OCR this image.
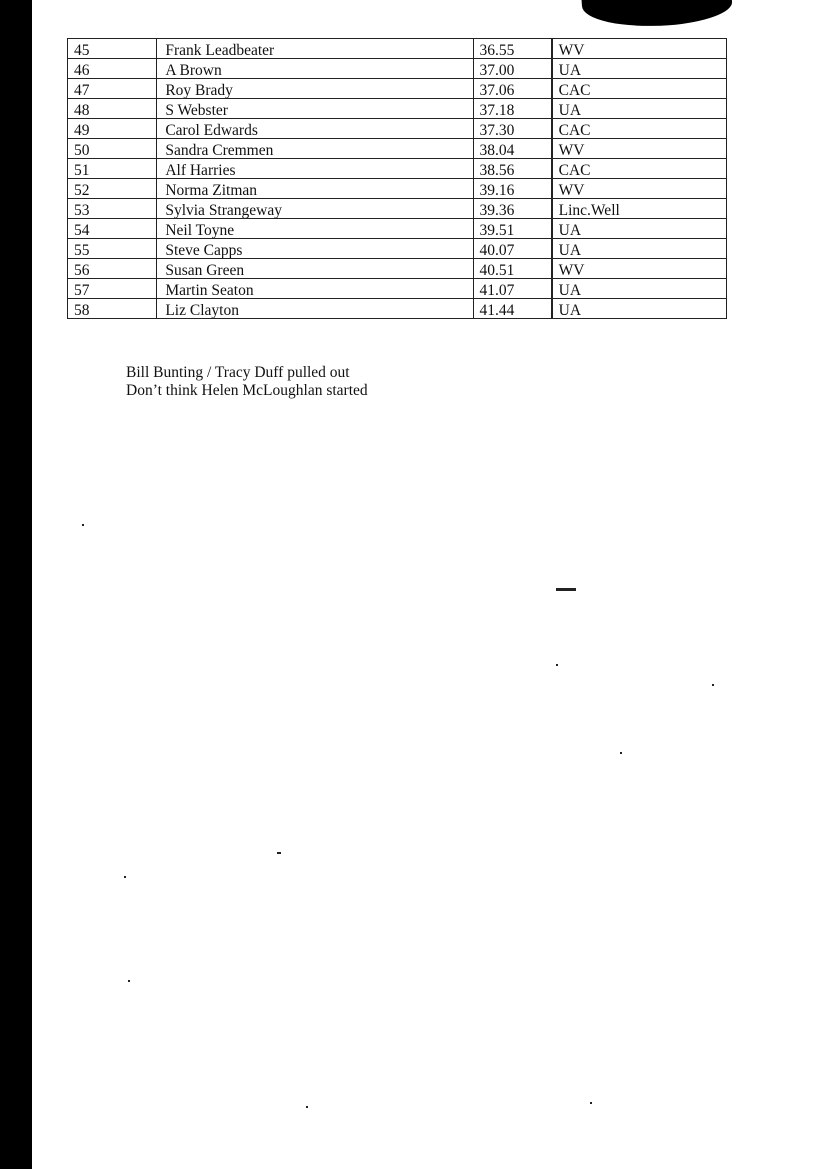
45	Frank Leadbeater	36.55	WV
46	A Brown	37.00	UA
47	Roy Brady	37.06	CAC
48	S Webster	37.18	UA
49	Carol Edwards	37.30	CAC
50	Sandra Cremmen	38.04	WV
51	Alf Harries	38.56	CAC
52	Norma Zitman	39.16	WV
53	Sylvia Strangeway	39.36	Linc.Well
54	Neil Toyne	39.51	UA
55	Steve Capps	40.07	UA
56	Susan Green	40.51	WV
57	Martin Seaton	41.07	UA
58	Liz Clayton	41.44	UA
Bill Bunting / Tracy Duff pulled out
Don’t think Helen McLoughlan started
